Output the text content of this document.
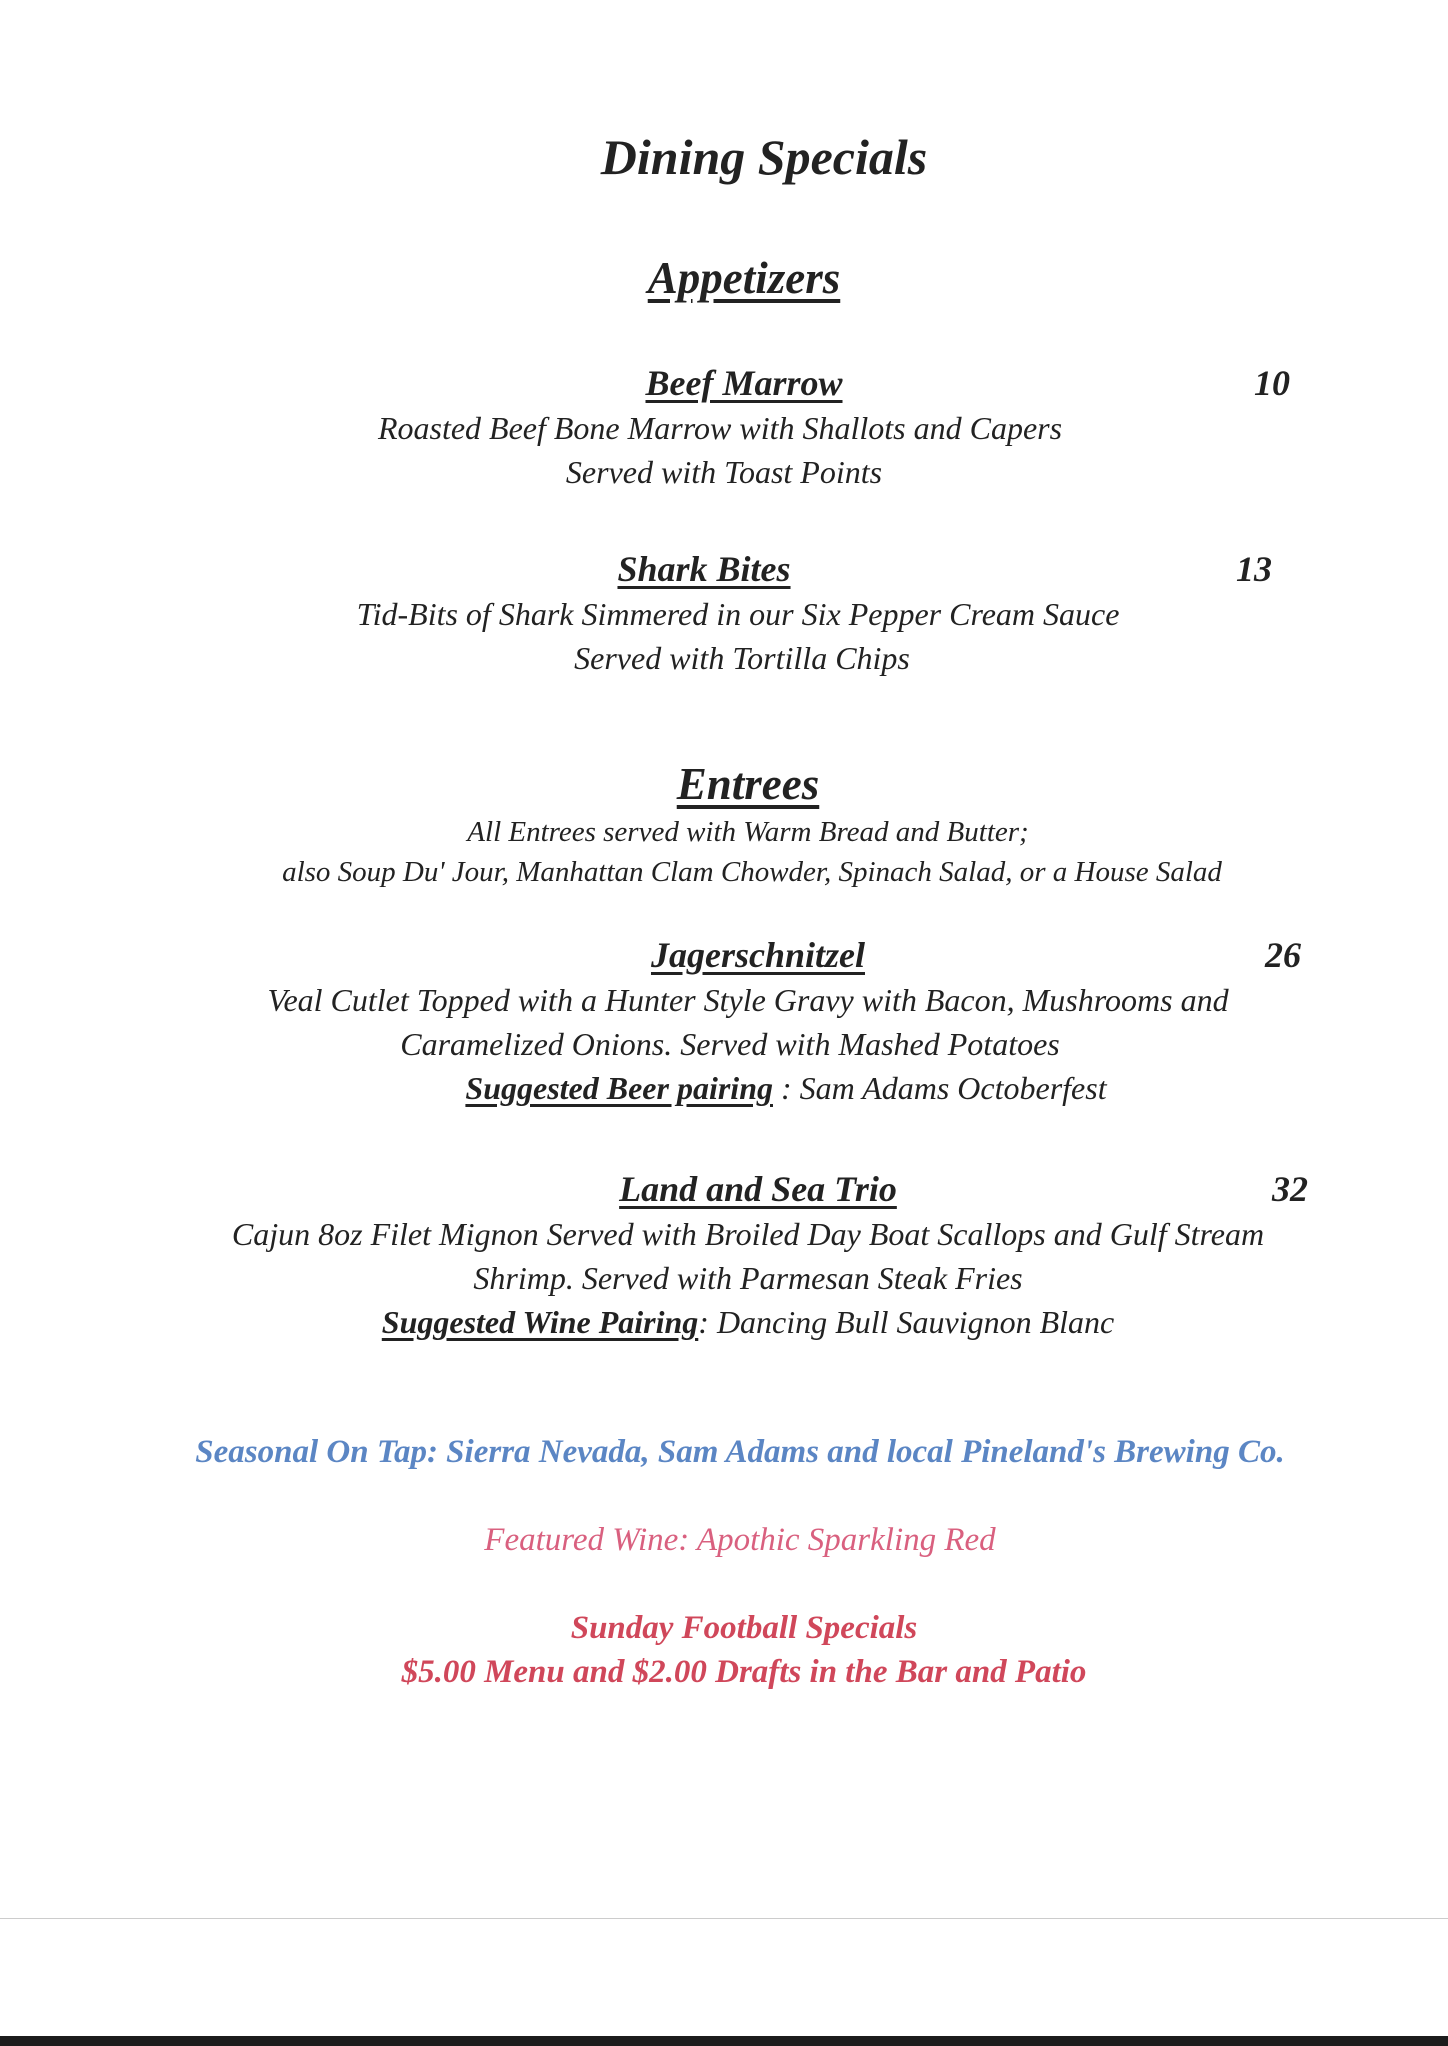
Dining Specials
Appetizers
Beef Marrow	10
Roasted Beef Bone Marrow with Shallots and Capers
Served with Toast Points
Shark Bites	13
Tid-Bits of Shark Simmered in our Six Pepper Cream Sauce
Served with Tortilla Chips
Entrees
All Entrees served with Warm Bread and Butter;
also Soup Du' Jour, Manhattan Clam Chowder, Spinach Salad, or a House Salad
Jagerschnitzel	26
Veal Cutlet Topped with a Hunter Style Gravy with Bacon, Mushrooms and
Caramelized Onions. Served with Mashed Potatoes
Suggested Beer pairing : Sam Adams Octoberfest
Land and Sea Trio	32
Cajun 8oz Filet Mignon Served with Broiled Day Boat Scallops and Gulf Stream
Shrimp. Served with Parmesan Steak Fries
Suggested Wine Pairing: Dancing Bull Sauvignon Blanc
Seasonal On Tap: Sierra Nevada, Sam Adams and local Pineland's Brewing Co.
Featured Wine: Apothic Sparkling Red
Sunday Football Specials
$5.00 Menu and $2.00 Drafts in the Bar and Patio
